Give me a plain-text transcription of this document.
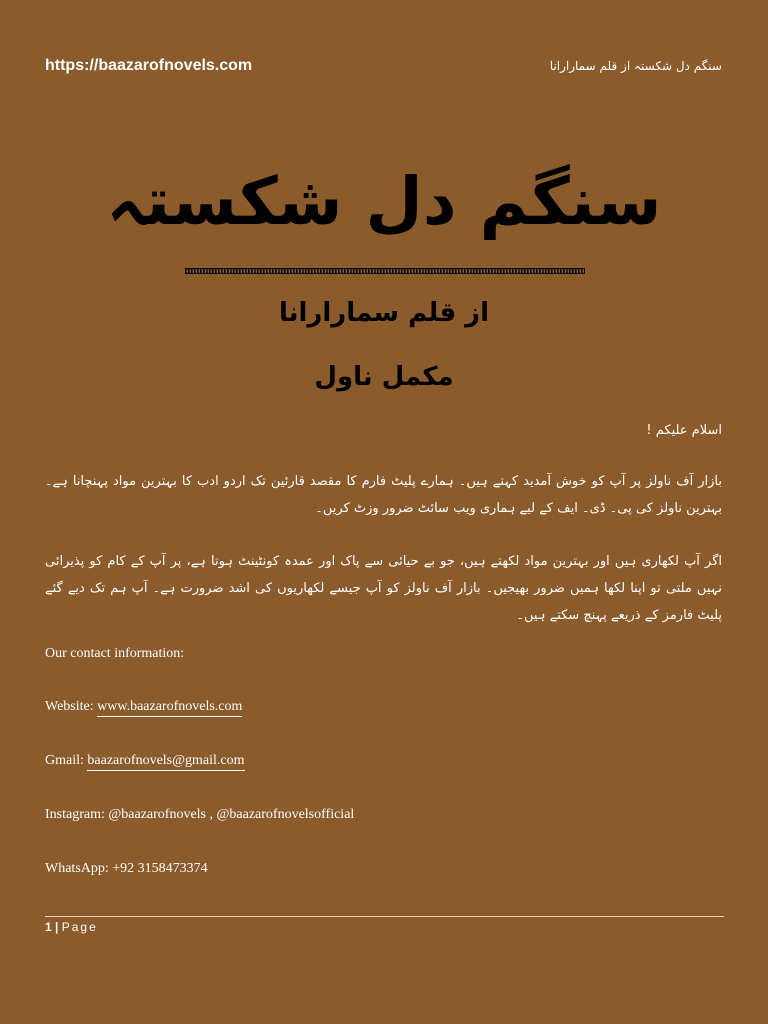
https://baazarofnovels.com	سنگم دل شکستہ از قلم سمارارانا
سنگم دل شکستہ
از قلم سمارارانا
مکمل ناول
اسلام علیکم !

بازار آف ناولز پر آپ کو خوش آمدید کہتے ہیں۔ ہمارے پلیٹ فارم کا مقصد قارئین تک اردو ادب کا بہترین مواد پہنچانا ہے۔ بہترین ناولز کی پی۔ ڈی۔ ایف کے لیے ہماری ویب سائٹ ضرور وزٹ کریں۔

اگر آپ لکھاری ہیں اور بہترین مواد لکھتے ہیں، جو بے حیائی سے پاک اور عمدہ کونٹینٹ ہوتا ہے، پر آپ کے کام کو پذیرائی نہیں ملتی تو اپنا لکھا ہمیں ضرور بھیجیں۔ بازار آف ناولز کو آپ جیسے لکھاریوں کی اشد ضرورت ہے۔ آپ ہم تک دیے گئے پلیٹ فارمز کے ذریعے پہنچ سکتے ہیں۔

Our contact information:
Website: www.baazarofnovels.com
Gmail: baazarofnovels@gmail.com
Instagram: @baazarofnovels , @baazarofnovelsofficial
WhatsApp: +92 3158473374
1 | Page
